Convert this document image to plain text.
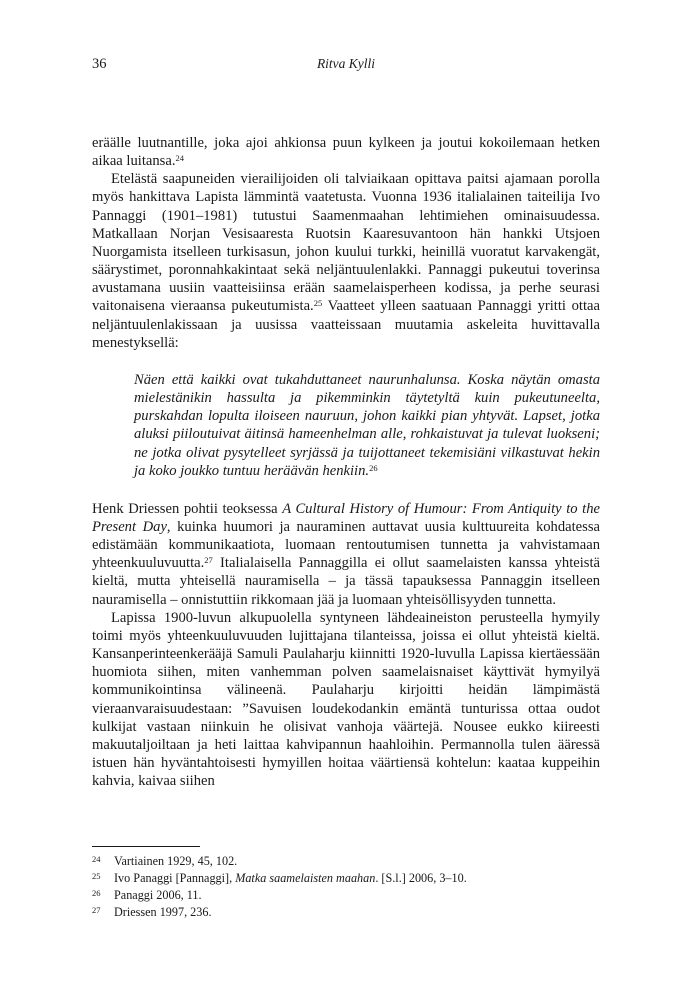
36	Ritva Kylli

eräälle luutnantille, joka ajoi ahkionsa puun kylkeen ja joutui kokoilemaan hetken aikaa luitansa.$^{24}$

Etelästä saapuneiden vierailijoiden oli talviaikaan opittava paitsi ajamaan porolla myös hankittava Lapista lämmintä vaatetusta. Vuonna 1936 italialainen taiteilija Ivo Pannaggi (1901–1981) tutustui Saamenmaahan lehtimiehen ominaisuudessa. Matkallaan Norjan Vesisaaresta Ruotsin Kaaresuvantoon hän hankki Utsjoen Nuorgamista itselleen turkisasun, johon kuului turkki, heinillä vuoratut karvakengät, säärystimet, poronnahkakintaat sekä neljäntuulenlakki. Pannaggi pukeutui toverinsa avustamana uusiin vaatteisiinsa erään saamelaisperheen kodissa, ja perhe seurasi vaitonaisena vieraansa pukeutumista.$^{25}$ Vaatteet ylleen saatuaan Pannaggi yritti ottaa neljäntuulenlakissaan ja uusissa vaatteissaan muutamia askeleita huvittavalla menestyksellä:

Näen että kaikki ovat tukahduttaneet naurunhalunsa. Koska näytän omasta mielestänikin hassulta ja pikemminkin täytetyltä kuin pukeutuneelta, purskahdan lopulta iloiseen nauruun, johon kaikki pian yhtyvät. Lapset, jotka aluksi piiloutuivat äitinsä hameenhelman alle, rohkaistuvat ja tulevat luokseni; ne jotka olivat pysytelleet syrjässä ja tuijottaneet tekemisiäni vilkastuvat hekin ja koko joukko tuntuu heräävän henkiin.$^{26}$

Henk Driessen pohtii teoksessa A Cultural History of Humour: From Antiquity to the Present Day, kuinka huumori ja nauraminen auttavat uusia kulttuureita kohdatessa edistämään kommunikaatiota, luomaan rentoutumisen tunnetta ja vahvistamaan yhteenkuuluvuutta.$^{27}$ Italialaisella Pannaggilla ei ollut saamelaisten kanssa yhteistä kieltä, mutta yhteisellä nauramisella – ja tässä tapauksessa Pannaggin itselleen nauramisella – onnistuttiin rikkomaan jää ja luomaan yhteisöllisyyden tunnetta.

Lapissa 1900-luvun alkupuolella syntyneen lähdeaineiston perusteella hymyily toimi myös yhteenkuuluvuuden lujittajana tilanteissa, joissa ei ollut yhteistä kieltä. Kansanperinteenkerääjä Samuli Paulaharju kiinnitti 1920-luvulla Lapissa kiertäessään huomiota siihen, miten vanhemman polven saamelaisnaiset käyttivät hymyilyä kommunikointinsa välineenä. Paulaharju kirjoitti heidän lämpimästä vieraanvaraisuudestaan: ”Savuisen loudekodankin emäntä tunturissa ottaa oudot kulkijat vastaan niinkuin he olisivat vanhoja väärtejä. Nousee eukko kiireesti makuutaljoiltaan ja heti laittaa kahvipannun haahloihin. Permannolla tulen ääressä istuen hän hyväntahtoisesti hymyillen hoitaa väärtiensä kohtelun: kaataa kuppeihin kahvia, kaivaa siihen

24	Vartiainen 1929, 45, 102.
25	Ivo Panaggi [Pannaggi], Matka saamelaisten maahan. [S.l.] 2006, 3–10.
26	Panaggi 2006, 11.
27	Driessen 1997, 236.
